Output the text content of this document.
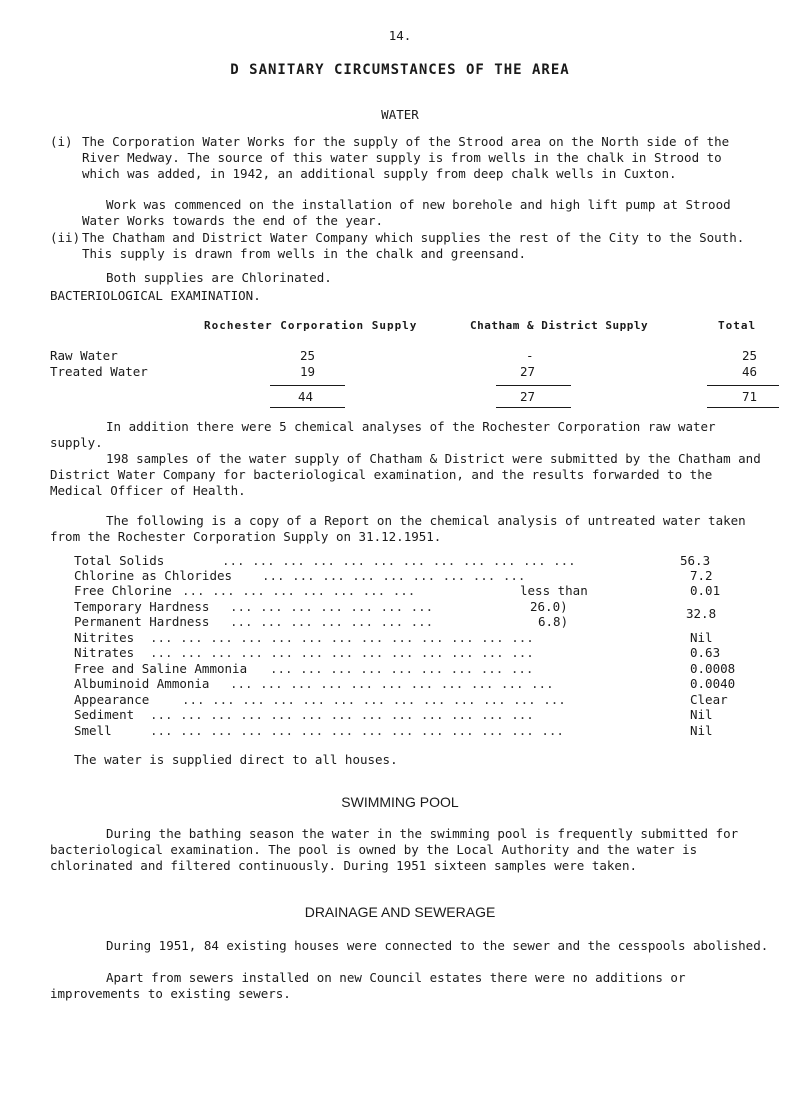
14.
D SANITARY CIRCUMSTANCES OF THE AREA
WATER
(i) The Corporation Water Works for the supply of the Strood area on the North side of the River Medway. The source of this water supply is from wells in the chalk in Strood to which was added, in 1942, an additional supply from deep chalk wells in Cuxton.
Work was commenced on the installation of new borehole and high lift pump at Strood Water Works towards the end of the year.
(ii) The Chatham and District Water Company which supplies the rest of the City to the South. This supply is drawn from wells in the chalk and greensand.
Both supplies are Chlorinated.
BACTERIOLOGICAL EXAMINATION.
Rochester Corporation Supply	Chatham & District Supply	Total
Raw Water	25	-	25
Treated Water	19	27	46
44	27	71
In addition there were 5 chemical analyses of the Rochester Corporation raw water supply.
198 samples of the water supply of Chatham & District were submitted by the Chatham and District Water Company for bacteriological examination, and the results forwarded to the Medical Officer of Health.
The following is a copy of a Report on the chemical analysis of untreated water taken from the Rochester Corporation Supply on 31.12.1951.
Total Solids	... ... ... ... ... ... ... ... ... ... ... ...	56.3
Chlorine as Chlorides ... ... ... ... ... ... ... ... ...	7.2
Free Chlorine ... ... ... ... ... ... ... ...	less than	0.01
Temporary Hardness ... ... ... ... ... ... ...	26.0)
Permanent Hardness ... ... ... ... ... ... ...	6.8)
32.8
Nitrites ... ... ... ... ... ... ... ... ... ... ... ... ...	Nil
Nitrates ... ... ... ... ... ... ... ... ... ... ... ... ...	0.63
Free and Saline Ammonia ... ... ... ... ... ... ... ... ...	0.0008
Albuminoid Ammonia ... ... ... ... ... ... ... ... ... ... ...	0.0040
Appearance	... ... ... ... ... ... ... ... ... ... ... ... ...	Clear
Sediment ... ... ... ... ... ... ... ... ... ... ... ... ...	Nil
Smell	... ... ... ... ... ... ... ... ... ... ... ... ... ...	Nil
The water is supplied direct to all houses.
SWIMMING POOL
During the bathing season the water in the swimming pool is frequently submitted for bacteriological examination. The pool is owned by the Local Authority and the water is chlorinated and filtered continuously. During 1951 sixteen samples were taken.
DRAINAGE AND SEWERAGE
During 1951, 84 existing houses were connected to the sewer and the cesspools abolished.
Apart from sewers installed on new Council estates there were no additions or improvements to existing sewers.
